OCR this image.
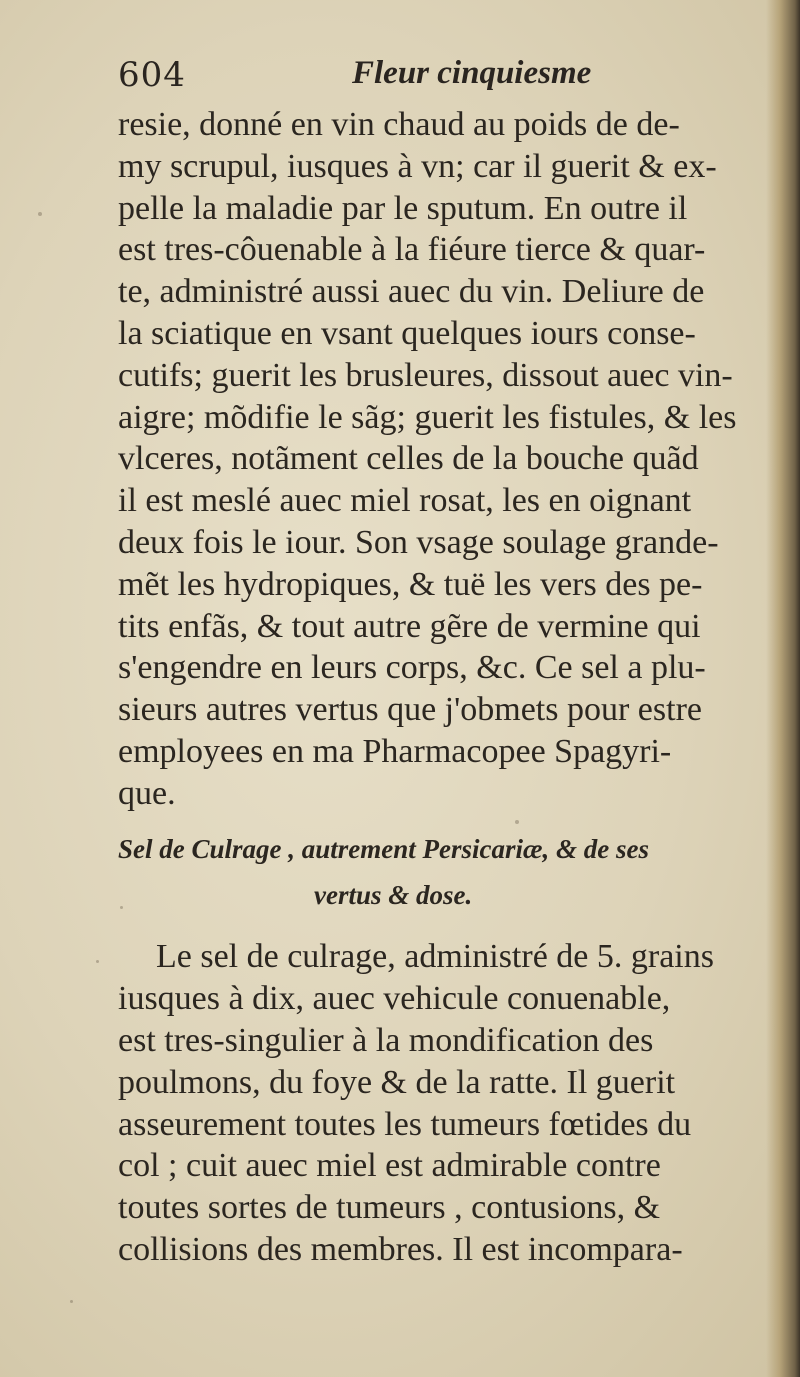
604	Fleur cinquiesme
resie, donné en vin chaud au poids de de-
my scrupul, iusques à vn; car il guerit & ex-
pelle la maladie par le sputum. En outre il
est tres-côuenable à la fiéure tierce & quar-
te, administré aussi auec du vin. Deliure de
la sciatique en vsant quelques iours conse-
cutifs; guerit les brusleures, dissout auec vin-
aigre; mõdifie le sãg; guerit les fistules, & les
vlceres, notãment celles de la bouche quãd
il est meslé auec miel rosat, les en oignant
deux fois le iour. Son vsage soulage grande-
mẽt les hydropiques, & tuë les vers des pe-
tits enfãs, & tout autre gẽre de vermine qui
s'engendre en leurs corps, &c. Ce sel a plu-
sieurs autres vertus que j'obmets pour estre
employees en ma Pharmacopee Spagyri-
que.
Sel de Culrage , autrement Persicariæ, & de ses
vertus & dose.
Le sel de culrage, administré de 5. grains
iusques à dix, auec vehicule conuenable,
est tres-singulier à la mondification des
poulmons, du foye & de la ratte. Il guerit
asseurement toutes les tumeurs fœtides du
col ; cuit auec miel est admirable contre
toutes sortes de tumeurs , contusions, &
collisions des membres. Il est incompara-
